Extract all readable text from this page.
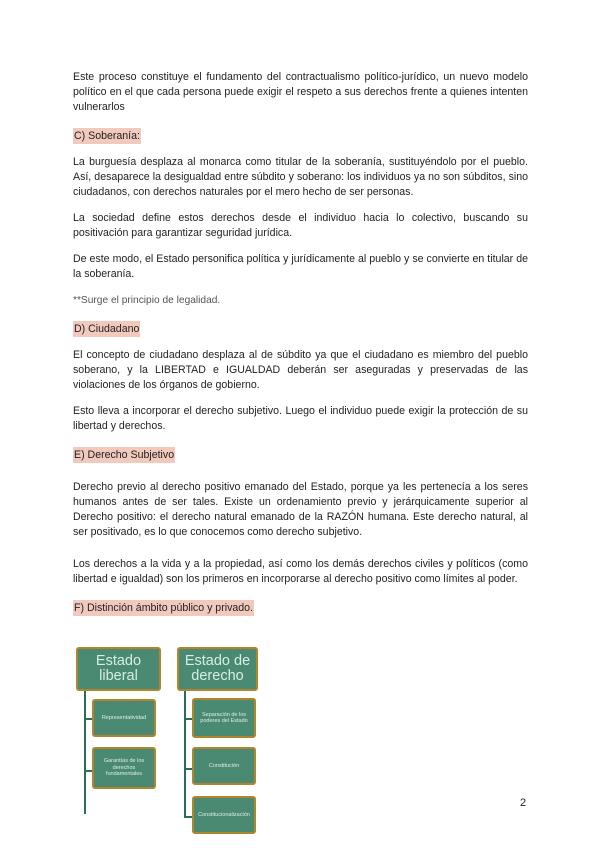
Este proceso constituye el fundamento del contractualismo político-jurídico, un nuevo modelo político en el que cada persona puede exigir el respeto a sus derechos frente a quienes intenten vulnerarlos

C) Soberanía:

La burguesía desplaza al monarca como titular de la soberanía, sustituyéndolo por el pueblo. Así, desaparece la desigualdad entre súbdito y soberano: los individuos ya no son súbditos, sino ciudadanos, con derechos naturales por el mero hecho de ser personas.

La sociedad define estos derechos desde el individuo hacia lo colectivo, buscando su positivación para garantizar seguridad jurídica.

De este modo, el Estado personifica política y jurídicamente al pueblo y se convierte en titular de la soberanía.

**Surge el principio de legalidad.

D) Ciudadano

El concepto de ciudadano desplaza al de súbdito ya que el ciudadano es miembro del pueblo soberano, y la LIBERTAD e IGUALDAD deberán ser aseguradas y preservadas de las violaciones de los órganos de gobierno.

Esto lleva a incorporar el derecho subjetivo. Luego el individuo puede exigir la protección de su libertad y derechos.

E) Derecho Subjetivo

Derecho previo al derecho positivo emanado del Estado, porque ya les pertenecía a los seres humanos antes de ser tales. Existe un ordenamiento previo y jerárquicamente superior al Derecho positivo: el derecho natural emanado de la RAZÓN humana. Este derecho natural, al ser positivado, es lo que conocemos como derecho subjetivo.

Los derechos a la vida y a la propiedad, así como los demás derechos civiles y políticos (como libertad e igualdad) son los primeros en incorporarse al derecho positivo como límites al poder.

F) Distinción ámbito público y privado.
Estado liberal
Representatividad
Garantías de los derechos fundamentales
Estado de derecho
Separación de los poderes del Estado
Constitución
Constitucionalización
2
